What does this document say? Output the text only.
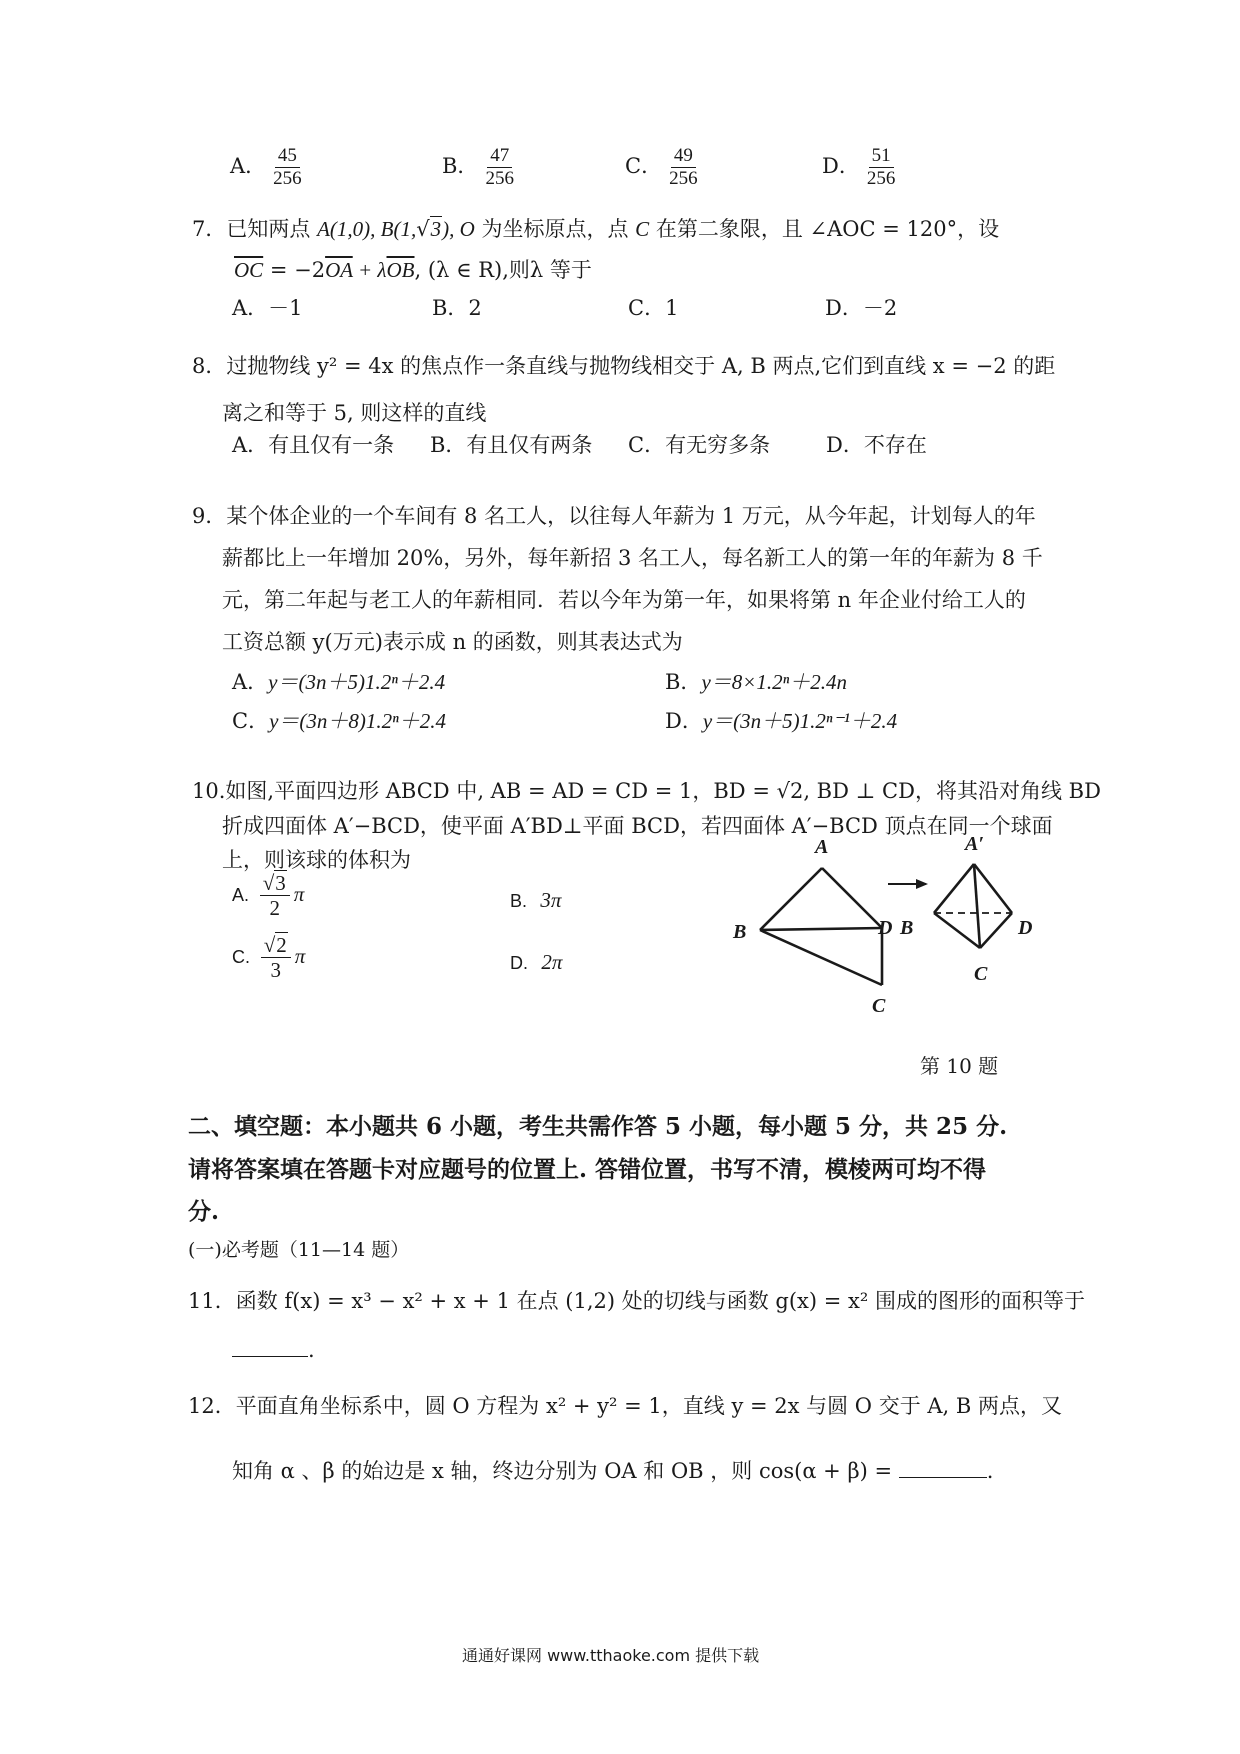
A． $\frac{45}{256}$	B． $\frac{47}{256}$	C． $\frac{49}{256}$	D． $\frac{51}{256}$
7．已知两点 A(1,0), B(1,√3), O 为坐标原点，点 C 在第二象限，且 ∠AOC = 120°，设
$\overline{OC} = -2\overline{OA} + \lambda\overline{OB}$, (λ ∈ R),则λ 等于
A．－1	B．2	C．1	D．－2
8．过抛物线 y² = 4x 的焦点作一条直线与抛物线相交于 A, B 两点,它们到直线 x = −2 的距
离之和等于 5, 则这样的直线
A．有且仅有一条 B．有且仅有两条 C．有无穷多条	D．不存在
9．某个体企业的一个车间有 8 名工人，以往每人年薪为 1 万元，从今年起，计划每人的年
薪都比上一年增加 20%，另外，每年新招 3 名工人，每名新工人的第一年的年薪为 8 千
元，第二年起与老工人的年薪相同．若以今年为第一年，如果将第 n 年企业付给工人的
工资总额 y(万元)表示成 n 的函数，则其表达式为
A．y＝(3n＋5)1.2ⁿ＋2.4	B．y＝8×1.2ⁿ＋2.4n
C．y＝(3n＋8)1.2ⁿ＋2.4	D．y＝(3n＋5)1.2ⁿ⁻¹＋2.4
10.如图,平面四边形 ABCD 中, AB = AD = CD = 1，BD = √2, BD ⊥ CD，将其沿对角线 BD
折成四面体 A′−BCD，使平面 A′BD⊥平面 BCD，若四面体 A′−BCD 顶点在同一个球面
上，则该球的体积为
A. $\frac{√3}{2}$ π	B. 3π
C. $\frac{√2}{3}$ π	D. 2π
A
B	D
C
A′
B	D
C
第 10 题
二、填空题：本小题共 6 小题，考生共需作答 5 小题，每小题 5 分，共 25 分.
请将答案填在答题卡对应题号的位置上. 答错位置，书写不清，模棱两可均不得
分.
(一)必考题（11—14 题）
11．函数 f(x) = x³ − x² + x + 1 在点 (1,2) 处的切线与函数 g(x) = x² 围成的图形的面积等于
.
12．平面直角坐标系中，圆 O 方程为 x² + y² = 1，直线 y = 2x 与圆 O 交于 A, B 两点，又
知角 α 、β 的始边是 x 轴，终边分别为 OA 和 OB ，则 cos(α + β) =	.
通通好课网 www.tthaoke.com 提供下载
